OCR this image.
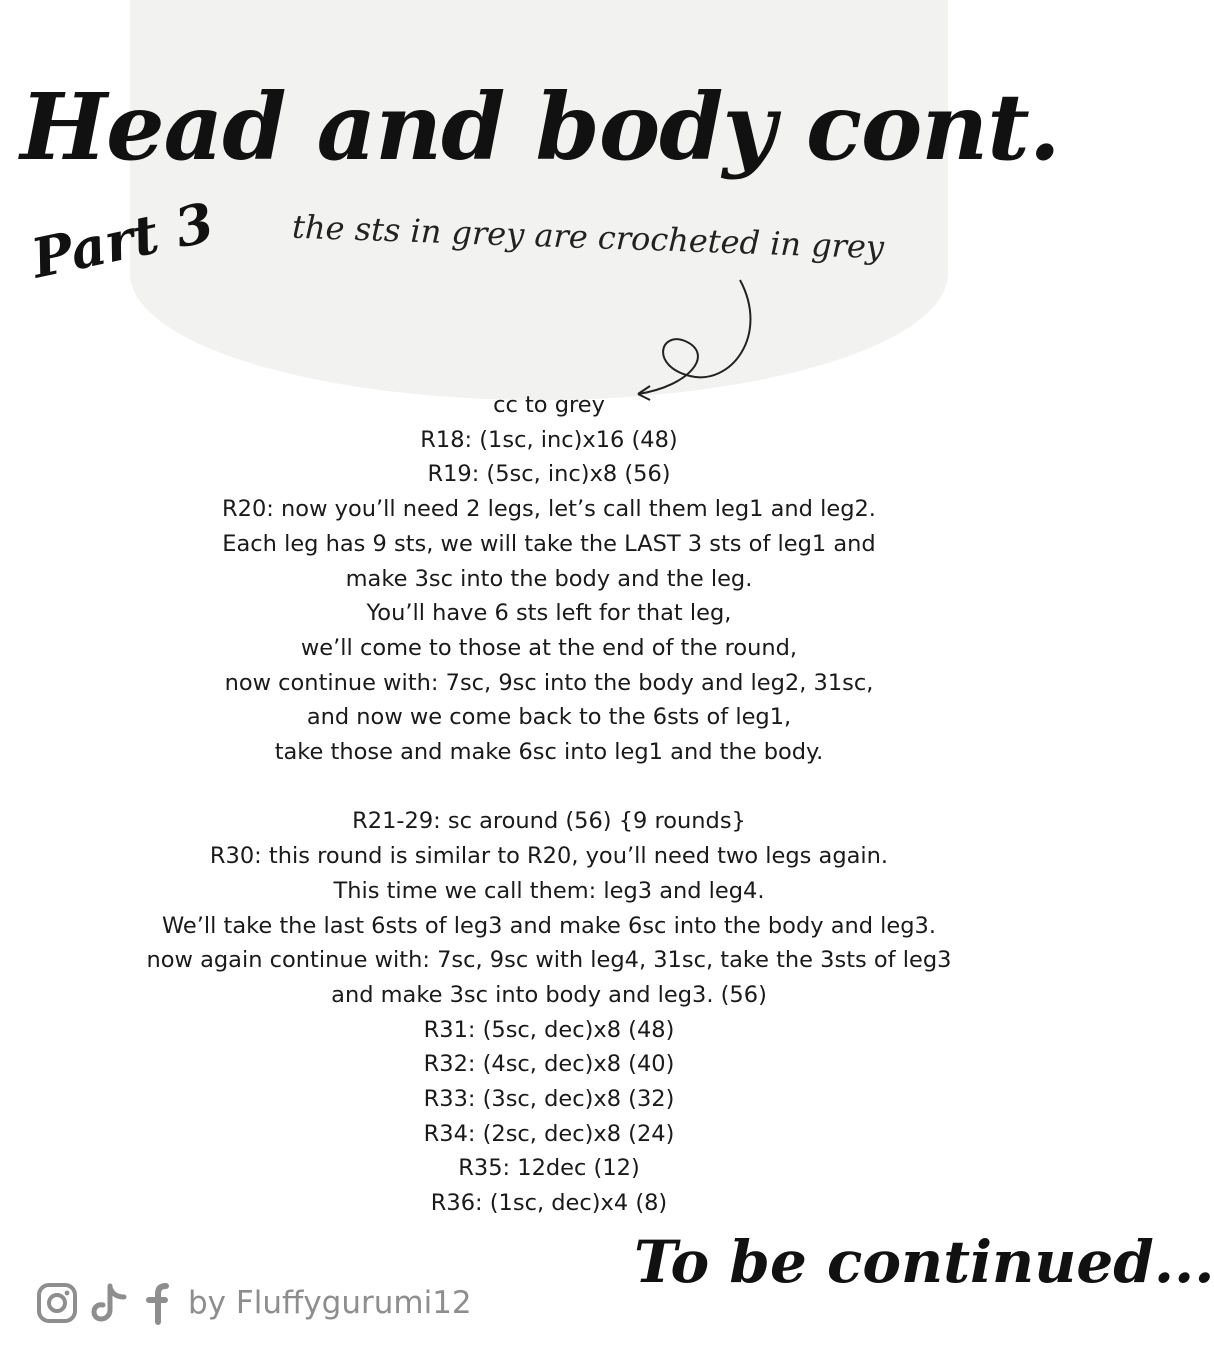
Head and body cont.
Part 3 the sts in grey are crocheted in grey
cc to grey
R18: (1sc, inc)x16 (48)
R19: (5sc, inc)x8 (56)
R20: now you’ll need 2 legs, let’s call them leg1 and leg2.
Each leg has 9 sts, we will take the LAST 3 sts of leg1 and
make 3sc into the body and the leg.
You’ll have 6 sts left for that leg,
we’ll come to those at the end of the round,
now continue with: 7sc, 9sc into the body and leg2, 31sc,
and now we come back to the 6sts of leg1,
take those and make 6sc into leg1 and the body.
R21-29: sc around (56) {9 rounds}
R30: this round is similar to R20, you’ll need two legs again.
This time we call them: leg3 and leg4.
We’ll take the last 6sts of leg3 and make 6sc into the body and leg3.
now again continue with: 7sc, 9sc with leg4, 31sc, take the 3sts of leg3
and make 3sc into body and leg3. (56)
R31: (5sc, dec)x8 (48)
R32: (4sc, dec)x8 (40)
R33: (3sc, dec)x8 (32)
R34: (2sc, dec)x8 (24)
R35: 12dec (12)
R36: (1sc, dec)x4 (8)
To be continued...
by Fluffygurumi12
